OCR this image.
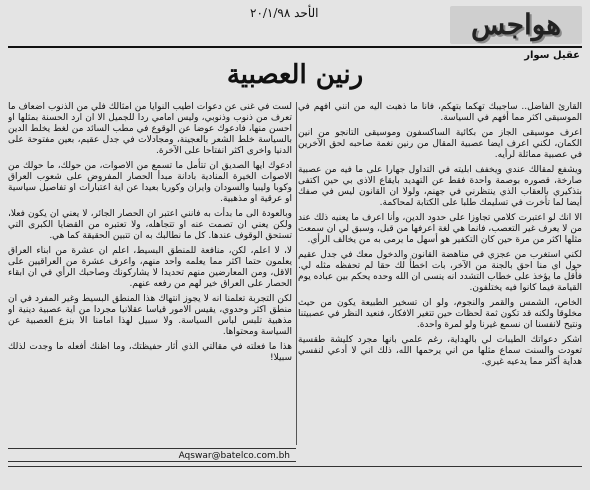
الأحد ٢٠/١/٩٨	هواجس
عقيل سوار
رنين العصبية

القارئ الفاضل.. ساجيبك تهكما بتهكم، فأنا ما ذهبت اليه من انني افهم في الموسيقى اكثر مما أفهم في السياسة.

اعرف موسيقى الجاز من بكائية الساكسفون وموسيقى التانجو من انين الكمان، لكني اعرف ايضا عصبية المقال من رنين نغمة صاحبه لحق الآخرين في عصبية مماثلة لرأيه.

ويشفع لمقالك عندي ويخفف ابليته في التداول جهارا على ما فيه من عصبية صارخة، قصوره بوصمة واحدة فقط عن التهديد بايقاع الاذى بي حين اكتفى بتذكيري بالعقاب الذي ينتظرني في جهنم، ولولا ان القانون ليس في صفك أيضا لما تأخرت في تسليمك طلبا على الكتابة لمحاكمة.

الا انك لو اعتبرت كلامي تجاوزا على حدود الدين، وأنا اعرف ما يعنيه ذلك عند من لا يعرف غير التعصب، فانما هي لغة اعرفها من قبل، وسبق لي ان سمعت مثلها اكثر من مرة حين كان التكفير هو أسهل ما يرمى به من يخالف الرأي.

لكني استغرب من عجزي في مناهضة القانون والدخول معك في جدل عقيم حول اي منا احق بالجنة من الآخر، بات اخطأ لك حقا لم تحفظه مثله لي. فأقل ما يؤخذ على خطاب التشدد انه ينسى ان الله وحده يحكم بين عباده يوم القيامة فيما كانوا فيه يختلفون.

الخاص، الشمس والقمر والنجوم، ولو ان تسخير الطبيعة يكون من حيث مخلوقا ولكنه قد تكون ثمة لحظات حين تتغير الافكار، فنعيد النظر في عصبيتنا ونتيح لانفسنا ان نسمع غيرنا ولو لمرة واحدة.

اشكر دعواتك الطيبات لي بالهداية، رغم علمي بانها مجرد كليشة طقسية تعودت والسنت سماع مثلها من اني يرحمها الله، ذلك اني لا أدعي لنفسي هداية أكثر مما يدعيه غيري.

لست في غنى عن دعوات اطيب النوايا من امثالك فلي من الذنوب اضعاف ما تعرف من ذنوب وذنوبي، وليس امامي ردا للجميل الا ان ارد الحسنة بمثلها او احسن منها، فادعوك عوضا عن الوقوع في مطب السائد من لغط يخلط الدين بالسياسة خلط الشعر بالعجينة، ومجادلات في جدل عقيم، بعين مفتوحة على الدنيا واخرى اكثر انفتاحا على الآخرة.

ادعوك ايها الصديق ان تتأمل ما تسمع من الاصوات، من حولك، ما حولك من الاصوات الخيرة المنادية بادانة مبدأ الحصار المفروض على شعوب العراق وكوبا وليبيا والسودان وايران وكوريا بعيدا عن اية اعتبارات او تفاصيل سياسية او عرقية او مذهبية.

وبالعودة الى ما بدأت به فانني اعتبر ان الحصار الجائر، لا يعني ان يكون فعلا، ولكن يعني ان تصمت عنه او تتجاهله، ولا تعتبره من القضايا الكبرى التي تستحق الوقوف عندها. كل ما نطالبك به ان تتبين الحقيقة كما هي.

لا، لا اعلم، لكن، منافعة للمنطق البسيط، اعلم ان عشرة من ابناء العراق يعلمون حتما اكثر مما يعلمه واحد منهم، واعرف عشرة من العراقيين على الاقل، ومن المعارضين منهم تحديدا لا يشاركونك وصاحبك الرأي في ان ابقاء الحصار على العراق خير لهم من رفعه عنهم.

لكن التجربة تعلمنا انه لا يجوز انتهاك هذا المنطق البسيط وغير المفرد في ان منطق اكثر وحدوي، يقيس الامور قياسا عقلانيا مجردا من اية عصبية دينية او مذهبية تلبس لباس السياسة. ولا سبيل لهذا امامنا الا بنزع العصبية عن السياسة ومحتواها.

هذا ما فعلته في مقالتي الذي أثار حفيظتك، وما اظنك أفعله ما وجدت لذلك سبيلا!

Aqswar@batelco.com.bh
